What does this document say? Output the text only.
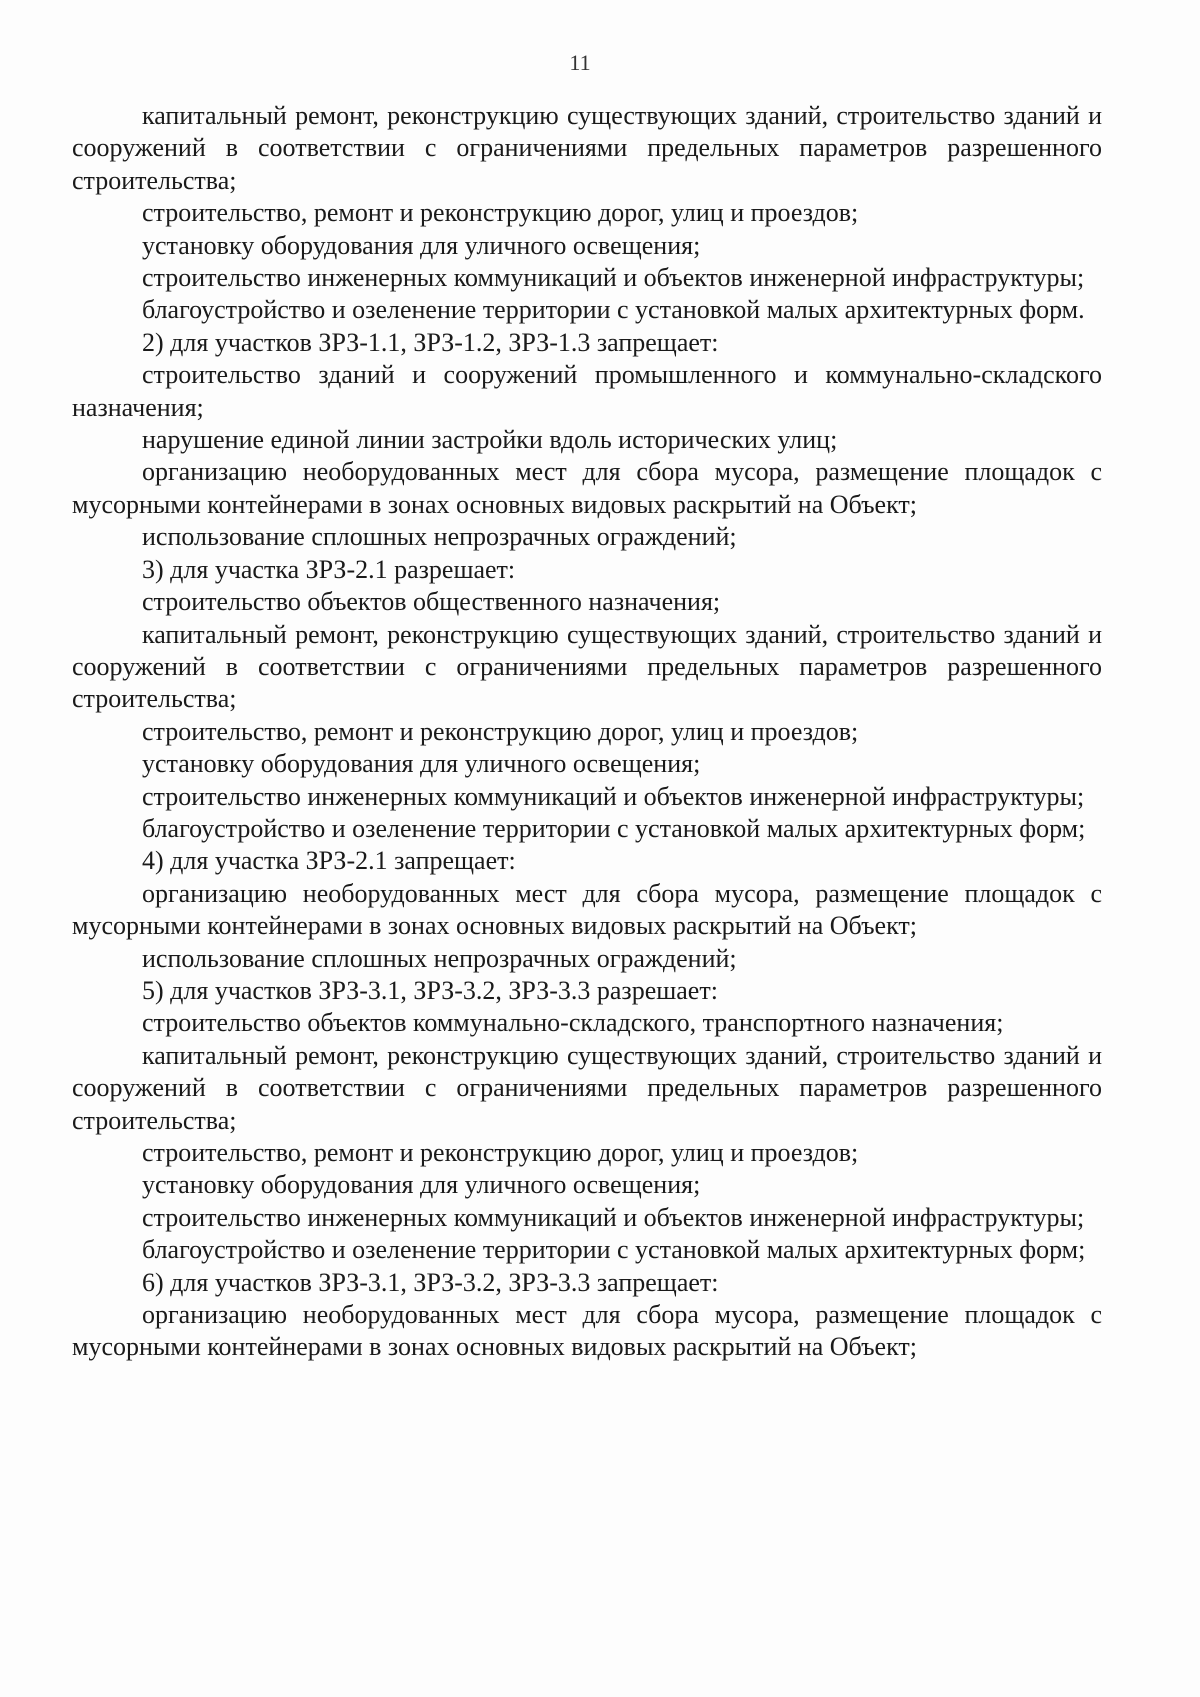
11

капитальный ремонт, реконструкцию существующих зданий, строительство зданий и сооружений в соответствии с ограничениями предельных параметров разрешенного строительства;

строительство, ремонт и реконструкцию дорог, улиц и проездов;

установку оборудования для уличного освещения;

строительство инженерных коммуникаций и объектов инженерной инфраструктуры;

благоустройство и озеленение территории с установкой малых архитектурных форм.

2) для участков ЗРЗ-1.1, ЗРЗ-1.2, ЗРЗ-1.3 запрещает:

строительство зданий и сооружений промышленного и коммунально-складского назначения;

нарушение единой линии застройки вдоль исторических улиц;

организацию необорудованных мест для сбора мусора, размещение площадок с мусорными контейнерами в зонах основных видовых раскрытий на Объект;

использование сплошных непрозрачных ограждений;

3) для участка ЗРЗ-2.1 разрешает:

строительство объектов общественного назначения;

капитальный ремонт, реконструкцию существующих зданий, строительство зданий и сооружений в соответствии с ограничениями предельных параметров разрешенного строительства;

строительство, ремонт и реконструкцию дорог, улиц и проездов;

установку оборудования для уличного освещения;

строительство инженерных коммуникаций и объектов инженерной инфраструктуры;

благоустройство и озеленение территории с установкой малых архитектурных форм;

4) для участка ЗРЗ-2.1 запрещает:

организацию необорудованных мест для сбора мусора, размещение площадок с мусорными контейнерами в зонах основных видовых раскрытий на Объект;

использование сплошных непрозрачных ограждений;

5) для участков ЗРЗ-3.1, ЗРЗ-3.2, ЗРЗ-3.3 разрешает:

строительство объектов коммунально-складского, транспортного назначения;

капитальный ремонт, реконструкцию существующих зданий, строительство зданий и сооружений в соответствии с ограничениями предельных параметров разрешенного строительства;

строительство, ремонт и реконструкцию дорог, улиц и проездов;

установку оборудования для уличного освещения;

строительство инженерных коммуникаций и объектов инженерной инфраструктуры;

благоустройство и озеленение территории с установкой малых архитектурных форм;

6) для участков ЗРЗ-3.1, ЗРЗ-3.2, ЗРЗ-3.3 запрещает:

организацию необорудованных мест для сбора мусора, размещение площадок с мусорными контейнерами в зонах основных видовых раскрытий на Объект;
